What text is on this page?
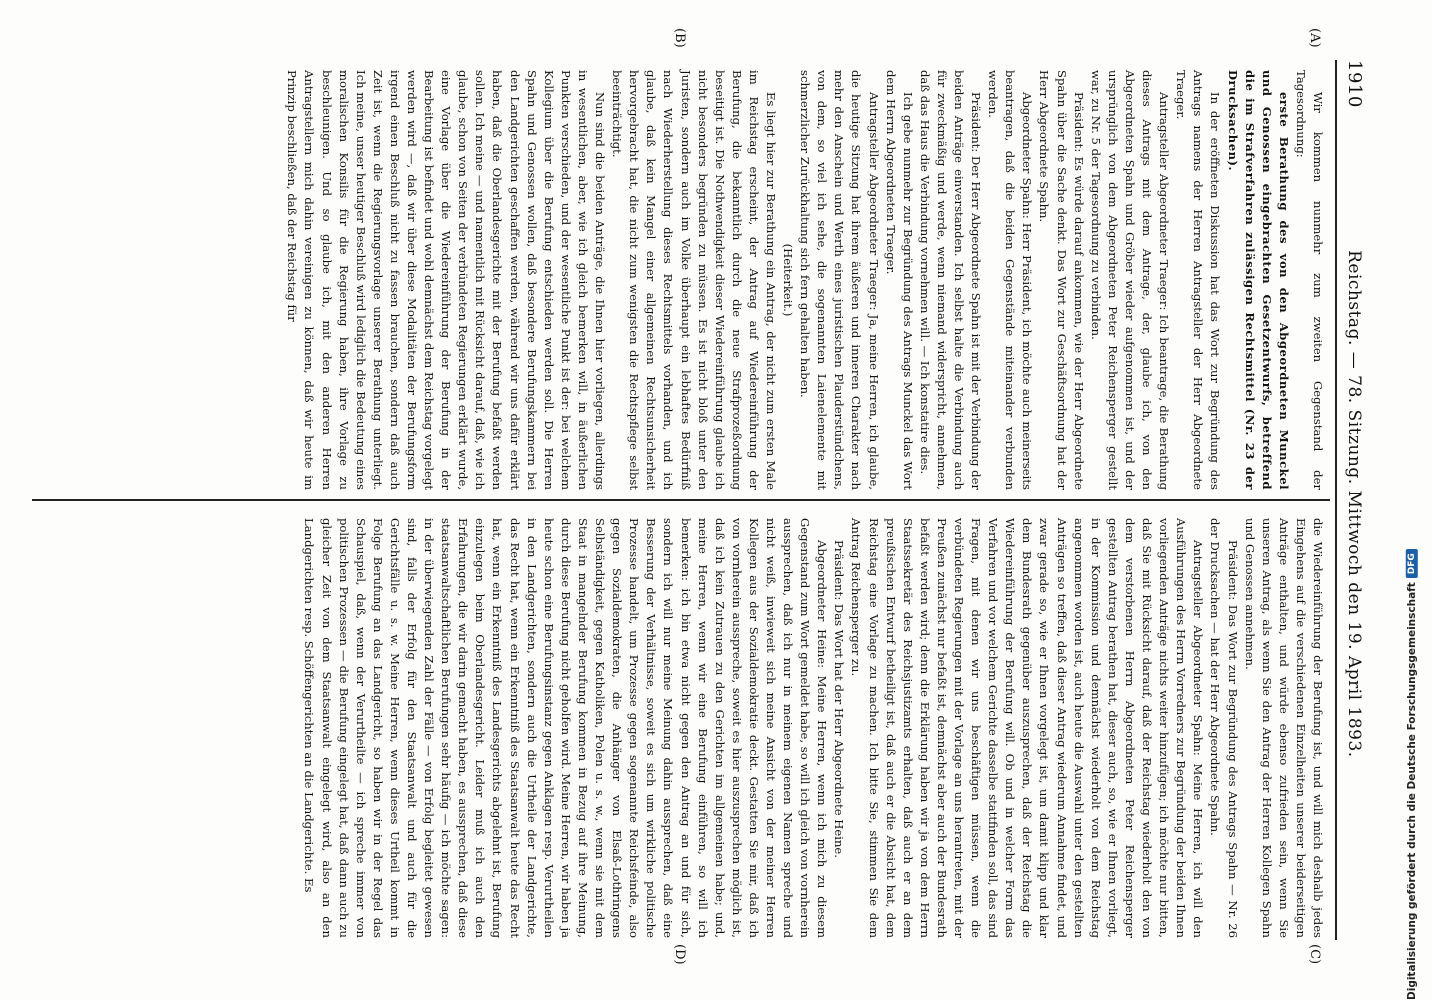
1910
Reichstag. — 78. Sitzung. Mittwoch den 19. April 1893.
(A)
(B)
(C)
(D)

Wir kommen nunmehr zum zweiten Gegenstand der Tagesordnung:

erste Berathung des von den Abgeordneten Munckel und Genossen eingebrachten Gesetzentwurfs, betreffend die im Strafverfahren zulässigen Rechtsmittel (Nr. 23 der Drucksachen).

In der eröffneten Diskussion hat das Wort zur Begründung des Antrags namens der Herren Antragsteller der Herr Abgeordnete Traeger.

Antragsteller Abgeordneter Traeger: Ich beantrage, die Berathung dieses Antrags mit dem Antrage, der, glaube ich, von den Abgeordneten Spahn und Gröber wieder aufgenommen ist, und der ursprünglich von dem Abgeordneten Peter Reichensperger gestellt war, zu Nr. 5 der Tagesordnung zu verbinden.

Präsident: Es würde darauf ankommen, wie der Herr Abgeordnete Spahn über die Sache denkt. Das Wort zur Geschäftsordnung hat der Herr Abgeordnete Spahn.

Abgeordneter Spahn: Herr Präsident, ich möchte auch meinerseits beantragen, daß die beiden Gegenstände miteinander verbunden werden.

Präsident: Der Herr Abgeordnete Spahn ist mit der Verbindung der beiden Anträge einverstanden. Ich selbst halte die Verbindung auch für zweckmäßig und werde, wenn niemand widerspricht, annehmen, daß das Haus die Verbindung vornehmen will. — Ich konstatire dies.

Ich gebe nunmehr zur Begründung des Antrags Munckel das Wort dem Herrn Abgeordneten Traeger.

Antragsteller Abgeordneter Traeger: Ja, meine Herren, ich glaube, die heutige Sitzung hat ihrem äußeren und inneren Charakter nach mehr den Anschein und Werth eines juristischen Plauderstündchens, von dem, so viel ich sehe, die sogenannten Laienelemente mit schmerzlicher Zurückhaltung sich fern gehalten haben.

(Heiterkeit.)

Es liegt hier zur Berathung ein Antrag, der nicht zum ersten Male im Reichstag erscheint, der Antrag auf Wiedereinführung der Berufung, die bekanntlich durch die neue Strafprozeßordnung beseitigt ist. Die Nothwendigkeit dieser Wiedereinführung glaube ich nicht besonders begründen zu müssen. Es ist nicht bloß unter den Juristen, sondern auch im Volke überhaupt ein lebhaftes Bedürfniß nach Wiederherstellung dieses Rechtsmittels vorhanden, und ich glaube, daß kein Mangel einer allgemeinen Rechtsunsicherheit hervorgebracht hat, die nicht zum wenigsten die Rechtspflege selbst beeinträchtigt.

Nun sind die beiden Anträge, die Ihnen hier vorliegen, allerdings in wesentlichen, aber, wie ich gleich bemerken will, in äußerlichen Punkten verschieden, und der wesentliche Punkt ist der: bei welchem Kollegium über die Berufung entschieden werden soll. Die Herren Spahn und Genossen wollen, daß besondere Berufungskammern bei den Landgerichten geschaffen werden, während wir uns dafür erklärt haben, daß die Oberlandesgerichte mit der Berufung befaßt werden sollen. Ich meine — und namentlich mit Rücksicht darauf, daß, wie ich glaube, schon von Seiten der verbündeten Regierungen erklärt wurde, eine Vorlage über die Wiedereinführung der Berufung in der Bearbeitung ist befindet und wohl demnächst dem Reichstag vorgelegt werden wird —, daß wir über diese Modalitäten der Berufungsform irgend einen Beschluß nicht zu fassen brauchen, sondern daß auch Zeit ist, wenn die Regierungsvorlage unserer Berathung unterliegt. Ich meine, unser heutiger Beschluß wird lediglich die Bedeutung eines moralischen Konsilis für die Regierung haben, ihre Vorlage zu beschleunigen. Und so glaube ich, mit den anderen Herren Antragstellern mich dahin vereinigen zu können, daß wir heute im Prinzip beschließen, daß der Reichstag für

die Wiedereinführung der Berufung ist, und will mich deshalb jedes Eingehens auf die verschiedenen Einzelheiten unserer beiderseitigen Anträge enthalten, und würde ebenso zufrieden sein, wenn Sie unseren Antrag, als wenn Sie den Antrag der Herren Kollegen Spahn und Genossen annehmen.

Präsident: Das Wort zur Begründung des Antrags Spahn — Nr. 26 der Drucksachen — hat der Herr Abgeordnete Spahn.

Antragsteller Abgeordneter Spahn: Meine Herren, ich will den Ausführungen des Herrn Vorredners zur Begründung der beiden Ihnen vorliegenden Anträge nichts weiter hinzufügen; ich möchte nur bitten, daß Sie mit Rücksicht darauf, daß der Reichstag wiederholt den von dem verstorbenen Herrn Abgeordneten Peter Reichensperger gestellten Antrag berathen hat, dieser auch, so, wie er Ihnen vorliegt, in der Kommission und demnächst wiederholt von dem Reichstag angenommen worden ist, auch heute die Auswahl unter den gestellten Anträgen so treffen, daß dieser Antrag wiederum Annahme findet, und zwar gerade so, wie er Ihnen vorgelegt ist, um damit klipp und klar dem Bundesrath gegenüber auszusprechen, daß der Reichstag die Wiedereinführung der Berufung will. Ob und in welcher Form das Verfahren und vor welchem Gerichte dasselbe stattfinden soll, das sind Fragen, mit denen wir uns beschäftigen müssen, wenn die verbündeten Regierungen mit der Vorlage an uns herantreten, mit der Preußen zunächst nur befaßt ist, demnächst aber auch der Bundesrath befaßt werden wird; denn die Erklärung haben wir ja von dem Herrn Staatssekretär des Reichsjustizamts erhalten, daß auch er an dem preußischen Entwurf betheiligt ist, daß auch er die Absicht hat, dem Reichstag eine Vorlage zu machen. Ich bitte Sie, stimmen Sie dem Antrag Reichensperger zu.

Präsident: Das Wort hat der Herr Abgeordnete Heine.

Abgeordneter Heine: Meine Herren, wenn ich mich zu diesem Gegenstand zum Wort gemeldet habe, so will ich gleich von vornherein aussprechen, daß ich nur in meinem eigenen Namen spreche und nicht weiß, inwieweit sich meine Ansicht von der meiner Herren Kollegen aus der Sozialdemokratie deckt. Gestatten Sie mir, daß ich von vornherein ausspreche, soweit es hier auszusprechen möglich ist, daß ich kein Zutrauen zu den Gerichten im allgemeinen habe; und, meine Herren, wenn wir eine Berufung einführen, so will ich bemerken: ich bin etwa nicht gegen den Antrag an und für sich, sondern ich will nur meine Meinung dahin aussprechen, daß eine Besserung der Verhältnisse, soweit es sich um wirkliche politische Prozesse handelt, um Prozesse gegen sogenannte Reichsfeinde, also gegen Sozialdemokraten, die Anhänger von Elsaß-Lothringens Selbständigkeit, gegen Katholiken, Polen u. s. w., wenn sie mit dem Staat in mangelnder Berufung kommen in Bezug auf ihre Meinung, durch diese Berufung nicht geholfen wird. Meine Herren, wir haben ja heute schon eine Berufungsinstanz gegen Anklagen resp. Verurtheilen in den Landgerichten, sondern auch die Urtheile der Landgerichte, das Recht hat, wenn ein Erkenntniß des Staatsanwalt heute das Recht hat, wenn ein Erkenntniß des Landesgerichts abgelehnt ist, Berufung einzulegen beim Oberlandesgericht. Leider muß ich auch den Erfahrungen, die wir darin gemacht haben, es aussprechen, daß diese staatsanwaltschaftlichen Berufungen sehr häufig — ich möchte sagen: in der überwiegenden Zahl der Fälle — von Erfolg begleitet gewesen sind, falls der Erfolg für den Staatsanwalt und auch für die Gerichtsfälle u. s. w. Meine Herren, wenn dieses Urtheil kommt in Folge Berufung an das Landgericht, so haben wir in der Regel das Schauspiel, daß, wenn der Verurtheilte — ich spreche immer von politischen Prozessen — die Berufung eingelegt hat, daß dann auch zu gleicher Zeit von dem Staatsanwalt eingelegt wird, also an den Landgerichten resp. Schöffengerichten an die Landgerichte. Es	Digitalisierung gefördert durch die Deutsche Forschungsgemeinschaft
DFG
